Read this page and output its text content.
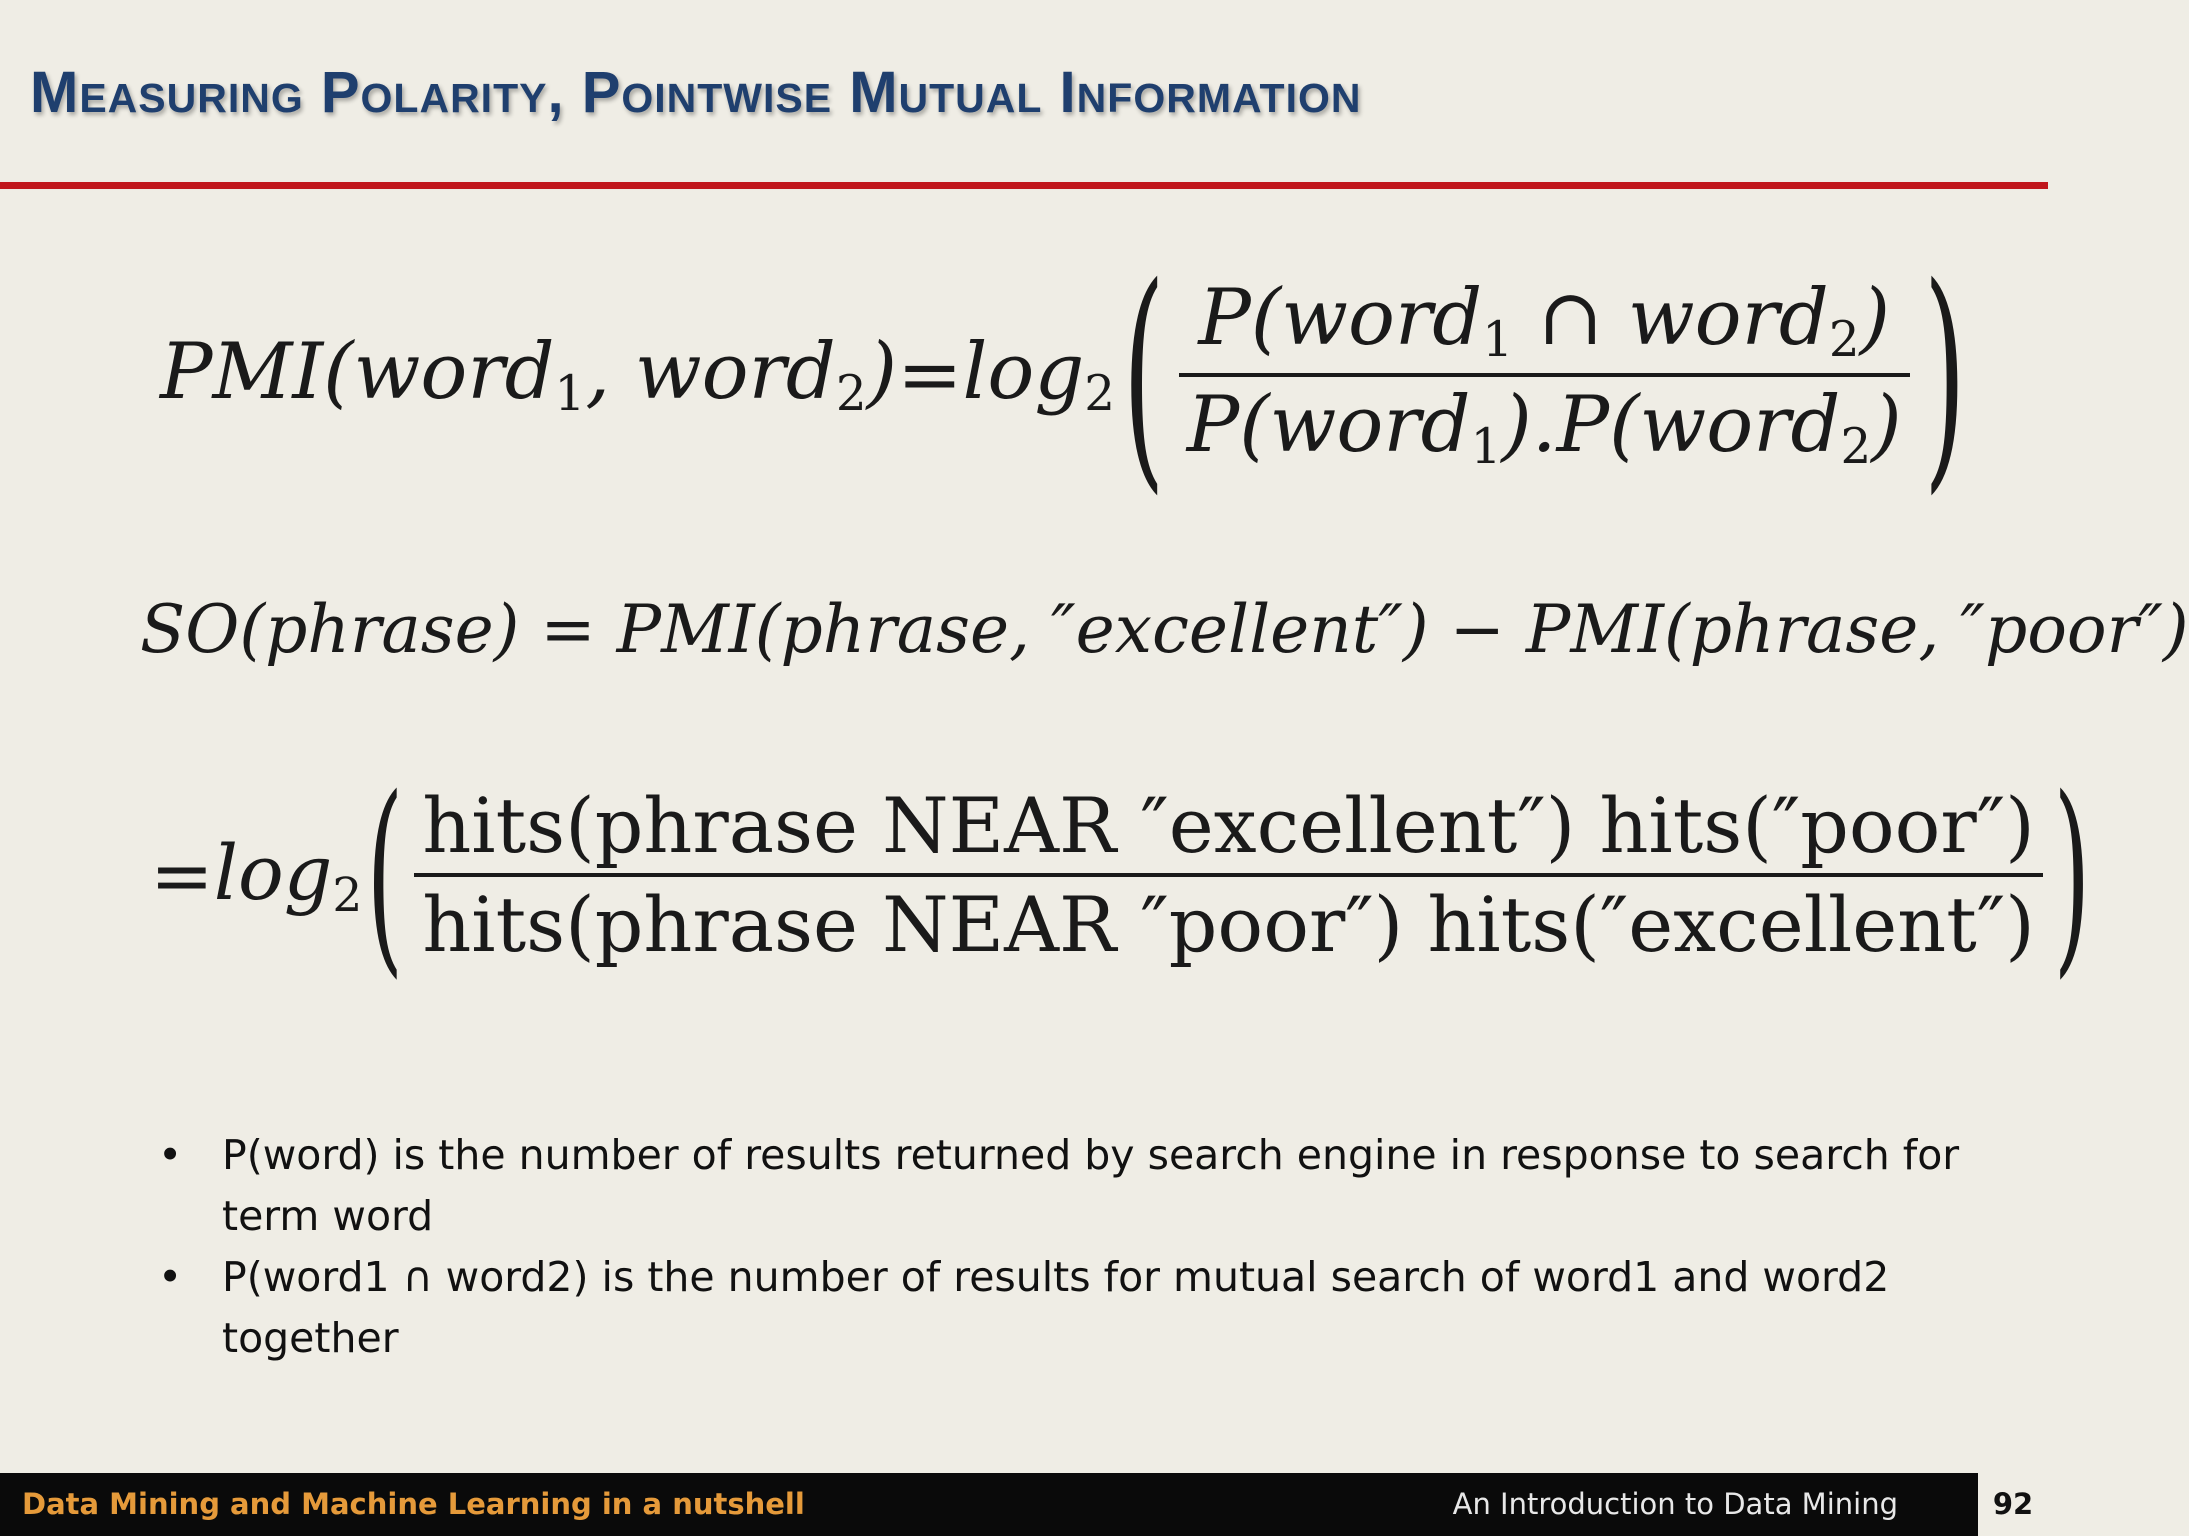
Measuring Polarity, Pointwise Mutual Information
PMI(word$_1$, word$_2$) = $\log_2$ ( $\frac{P(word_1 \cap word_2)}{P(word_1).P(word_2)}$ )
SO(phrase) = PMI(phrase, ″excellent″) − PMI(phrase, ″poor″)
= $\log_2$ ( $\frac{\text{hits(phrase NEAR ″excellent″) hits(″poor″)}}{\text{hits(phrase NEAR ″poor″) hits(″excellent″)}}$ )
• P(word) is the number of results returned by search engine in response to search for term word
• P(word1 ∩ word2) is the number of results for mutual search of word1 and word2 together
Data Mining and Machine Learning in a nutshell	An Introduction to Data Mining	92
